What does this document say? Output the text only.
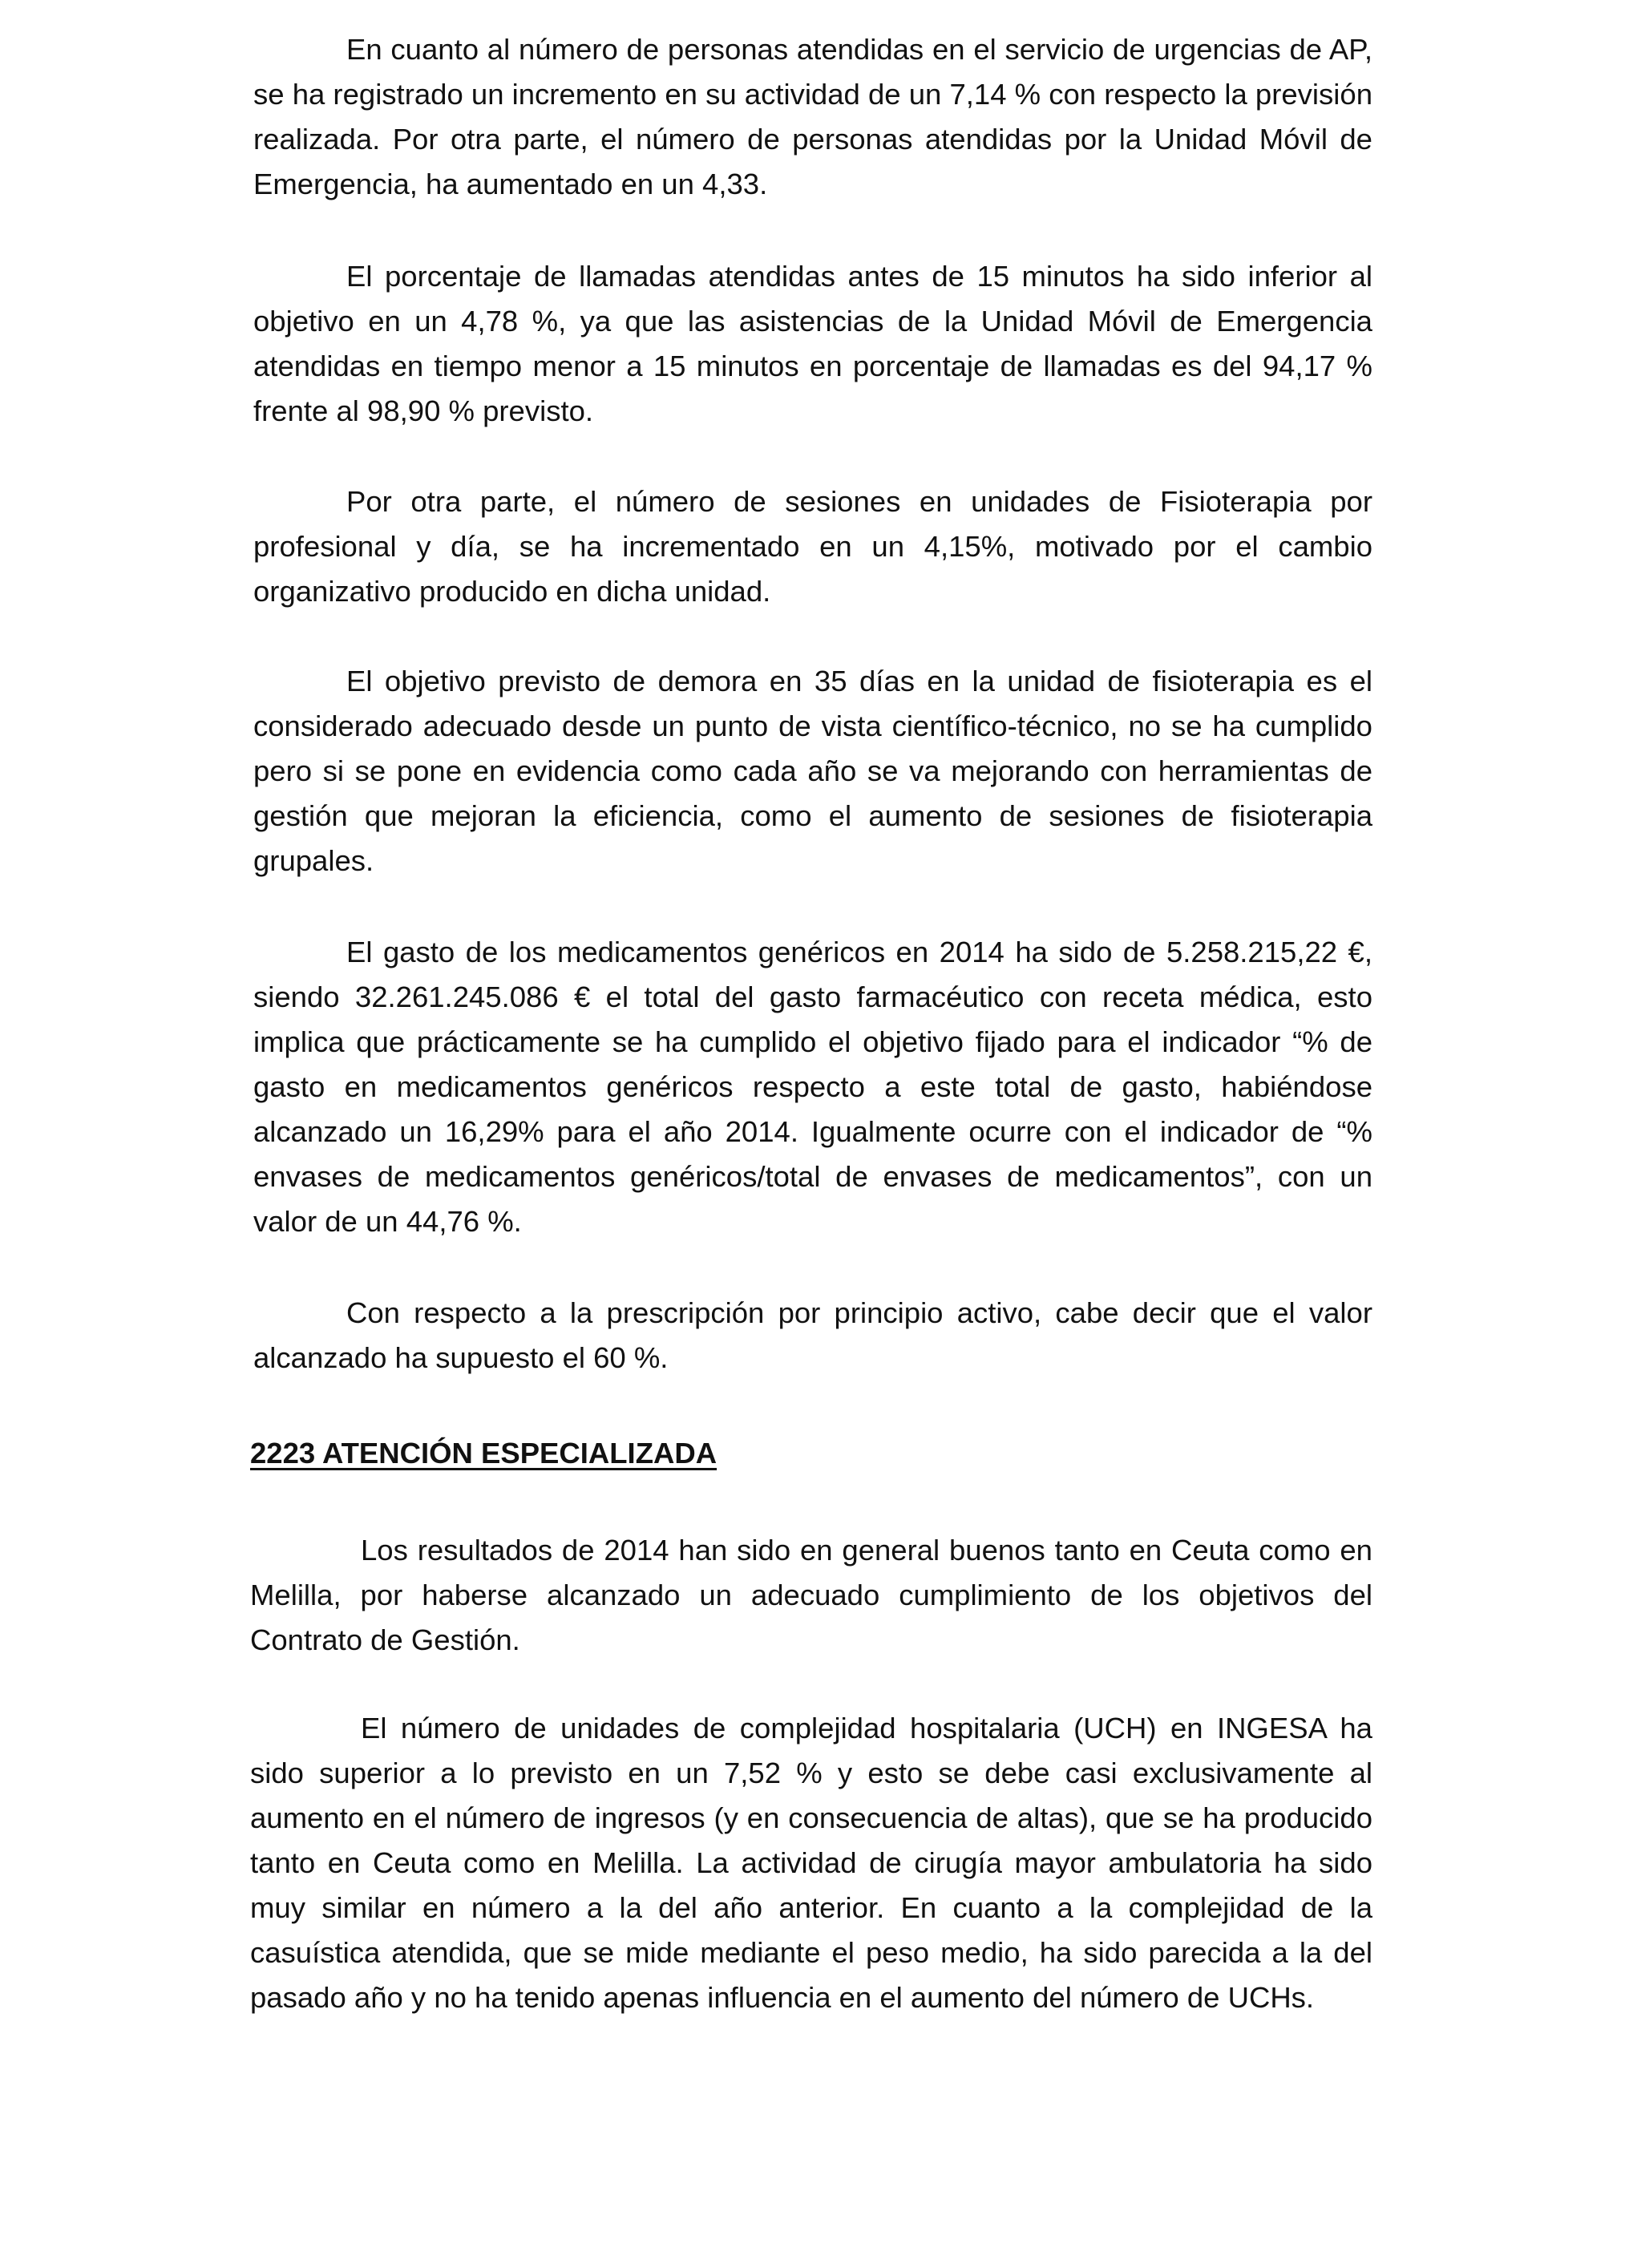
En cuanto al número de personas atendidas en el servicio de urgencias de AP, se ha registrado un incremento en su actividad de un 7,14 % con respecto la previsión realizada. Por otra parte, el número de personas atendidas por la Unidad Móvil de Emergencia, ha aumentado en un 4,33.

El porcentaje de llamadas atendidas antes de 15 minutos ha sido inferior al objetivo en un 4,78 %, ya que las asistencias de la Unidad Móvil de Emergencia atendidas en tiempo menor a 15 minutos en porcentaje de llamadas es del 94,17 % frente al 98,90 % previsto.

Por otra parte, el número de sesiones en unidades de Fisioterapia por profesional y día, se ha incrementado en un 4,15%, motivado por el cambio organizativo producido en dicha unidad.

El objetivo previsto de demora en 35 días en la unidad de fisioterapia es el considerado adecuado desde un punto de vista científico-técnico, no se ha cumplido pero si se pone en evidencia como cada año se va mejorando con herramientas de gestión que mejoran la eficiencia, como el aumento de sesiones de fisioterapia grupales.

El gasto de los medicamentos genéricos en 2014 ha sido de 5.258.215,22 €, siendo 32.261.245.086 € el total del gasto farmacéutico con receta médica, esto implica que prácticamente se ha cumplido el objetivo fijado para el indicador “% de gasto en medicamentos genéricos respecto a este total de gasto, habiéndose alcanzado un 16,29% para el año 2014. Igualmente ocurre con el indicador de “% envases de medicamentos genéricos/total de envases de medicamentos”, con un valor de un 44,76 %.

Con respecto a la prescripción por principio activo, cabe decir que el valor alcanzado ha supuesto el 60 %.

2223 ATENCIÓN ESPECIALIZADA

Los resultados de 2014 han sido en general buenos tanto en Ceuta como en Melilla, por haberse alcanzado un adecuado cumplimiento de los objetivos del Contrato de Gestión.

El número de unidades de complejidad hospitalaria (UCH) en INGESA ha sido superior a lo previsto en un 7,52 % y esto se debe casi exclusivamente al aumento en el número de ingresos (y en consecuencia de altas), que se ha producido tanto en Ceuta como en Melilla. La actividad de cirugía mayor ambulatoria ha sido muy similar en número a la del año anterior. En cuanto a la complejidad de la casuística atendida, que se mide mediante el peso medio, ha sido parecida a la del pasado año y no ha tenido apenas influencia en el aumento del número de UCHs.
